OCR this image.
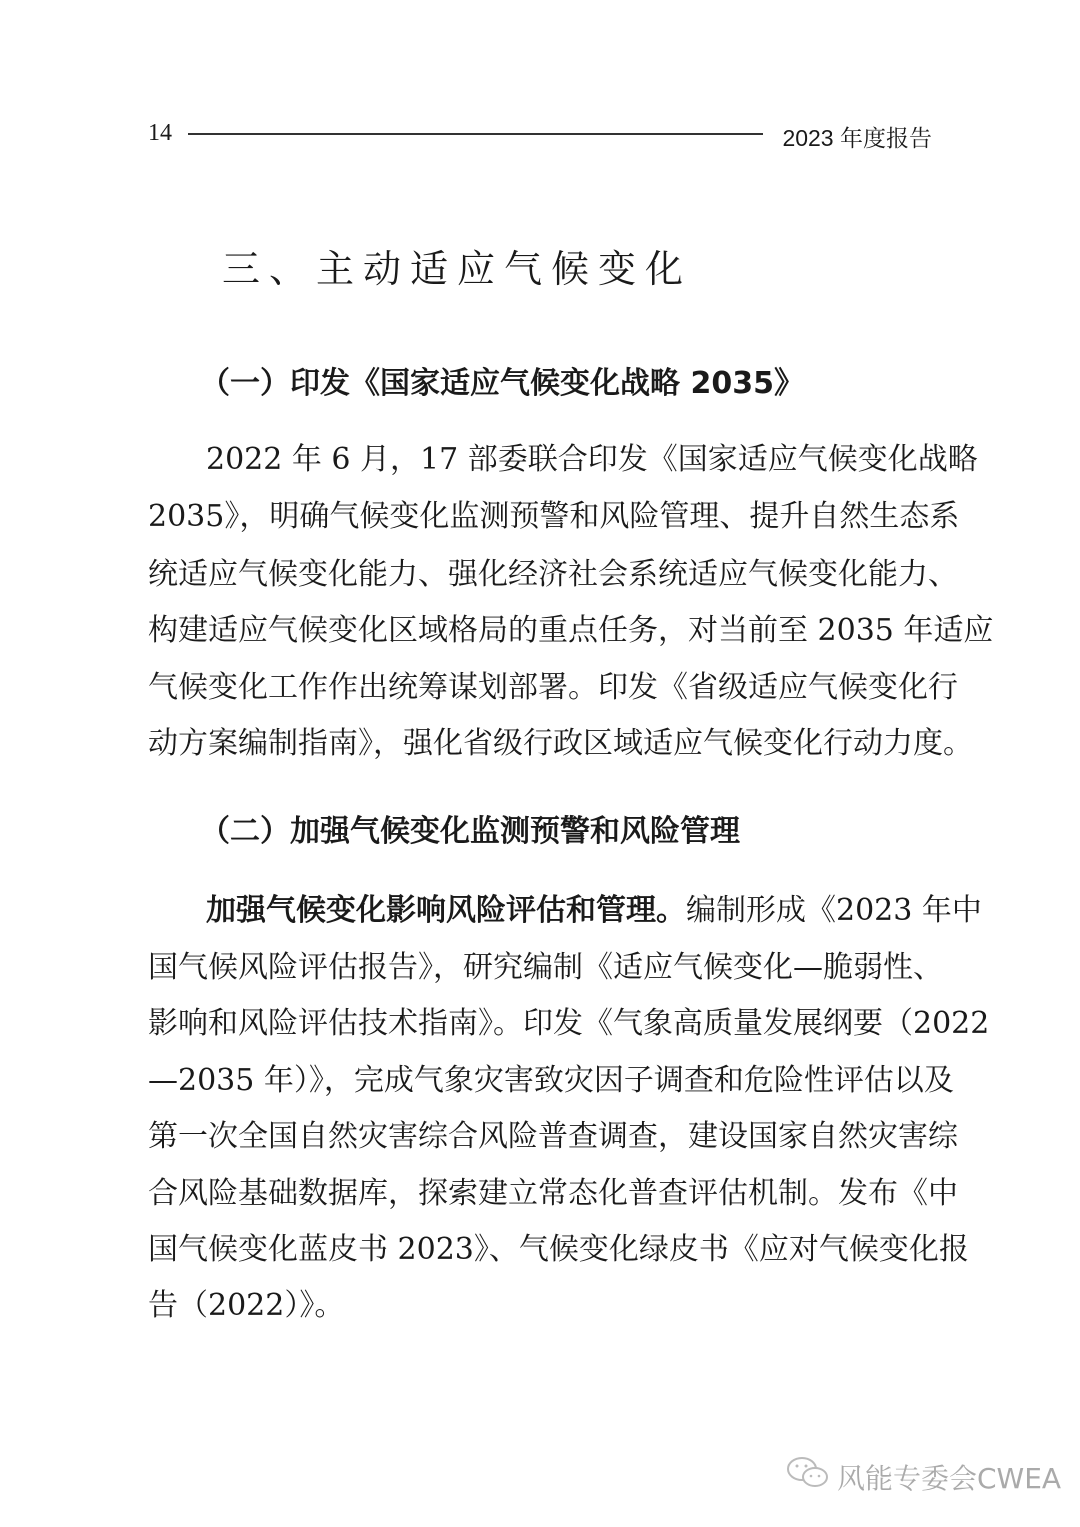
14	2023 年度报告
三、主动适应气候变化
（一）印发《国家适应气候变化战略 2035》
2022 年 6 月，17 部委联合印发《国家适应气候变化战略
2035》，明确气候变化监测预警和风险管理、提升自然生态系
统适应气候变化能力、强化经济社会系统适应气候变化能力、
构建适应气候变化区域格局的重点任务，对当前至 2035 年适应
气候变化工作作出统筹谋划部署。印发《省级适应气候变化行
动方案编制指南》，强化省级行政区域适应气候变化行动力度。
（二）加强气候变化监测预警和风险管理
加强气候变化影响风险评估和管理。编制形成《2023 年中
国气候风险评估报告》，研究编制《适应气候变化—脆弱性、
影响和风险评估技术指南》。印发《气象高质量发展纲要（2022
—2035 年）》，完成气象灾害致灾因子调查和危险性评估以及
第一次全国自然灾害综合风险普查调查，建设国家自然灾害综
合风险基础数据库，探索建立常态化普查评估机制。发布《中
国气候变化蓝皮书 2023》、气候变化绿皮书《应对气候变化报
告（2022）》。
风能专委会CWEA
